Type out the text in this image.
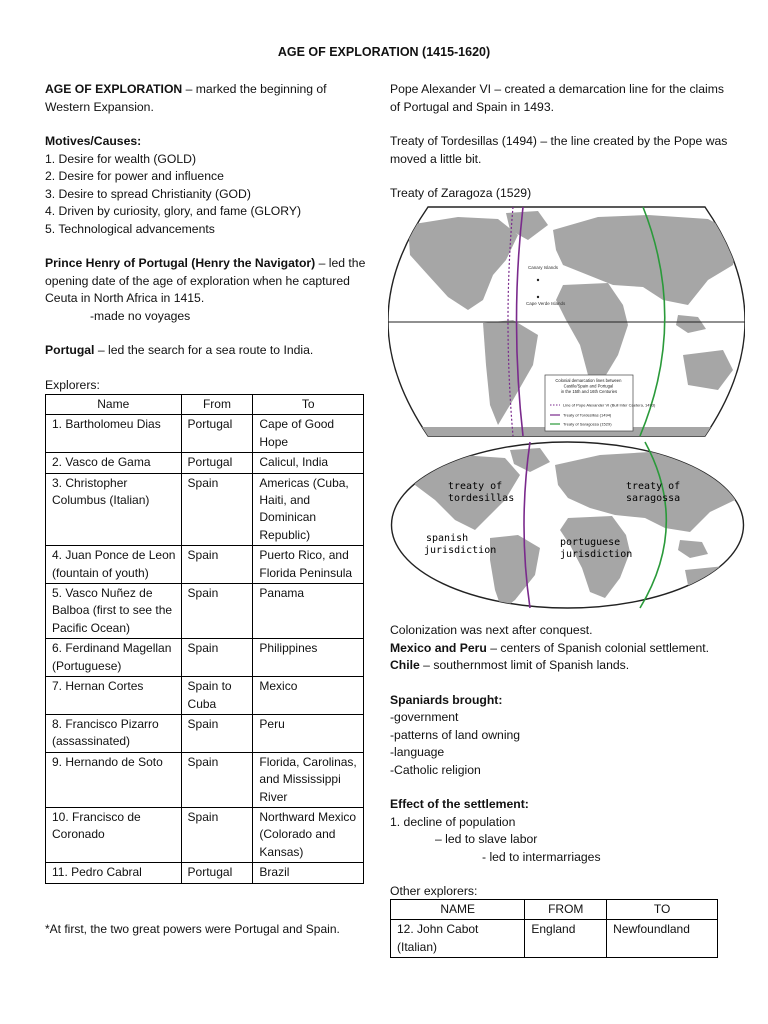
AGE OF EXPLORATION (1415-1620)

AGE OF EXPLORATION – marked the beginning of Western Expansion.

Motives/Causes:

1. Desire for wealth (GOLD)

2. Desire for power and influence

3. Desire to spread Christianity (GOD)

4. Driven by curiosity, glory, and fame (GLORY)

5. Technological advancements

Prince Henry of Portugal (Henry the Navigator) – led the opening date of the age of exploration when he captured Ceuta in North Africa in 1415.

-made no voyages

Portugal – led the search for a sea route to India.

Explorers:

Name	From	To
1. Bartholomeu Dias	Portugal	Cape of Good Hope
2. Vasco de Gama	Portugal	Calicul, India
3. Christopher Columbus (Italian)	Spain	Americas (Cuba, Haiti, and Dominican Republic)
4. Juan Ponce de Leon (fountain of youth)	Spain	Puerto Rico, and Florida Peninsula
5. Vasco Nuñez de Balboa (first to see the Pacific Ocean)	Spain	Panama
6. Ferdinand Magellan (Portuguese)	Spain	Philippines
7. Hernan Cortes	Spain to Cuba	Mexico
8. Francisco Pizarro (assassinated)	Spain	Peru
9. Hernando de Soto	Spain	Florida, Carolinas, and Mississippi River
10. Francisco de Coronado	Spain	Northward Mexico (Colorado and Kansas)
11. Pedro Cabral	Portugal	Brazil

*At first, the two great powers were Portugal and Spain.

Pope Alexander VI – created a demarcation line for the claims of Portugal and Spain in 1493.

Treaty of Tordesillas (1494) – the line created by the Pope was moved a little bit.

Treaty of Zaragoza (1529)

Canary Islands
Cape Verde Islands
Colonial demarcation lines between Castile/Spain and Portugal in the 15th and 16th Centuries
Line of Pope Alexander VI (Bull Inter Caetera, 1493)
Treaty of Tordesillas (1494)
Treaty of Saragossa (1529)
treaty of
tordesillas
treaty of
saragossa
spanish
jurisdiction
portuguese
jurisdiction

Colonization was next after conquest.

Mexico and Peru – centers of Spanish colonial settlement.

Chile – southernmost limit of Spanish lands.

Spaniards brought:

-government

-patterns of land owning

-language

-Catholic religion

Effect of the settlement:

1. decline of population

– led to slave labor

- led to intermarriages

Other explorers:

NAME	FROM	TO
12. John Cabot (Italian)	England	Newfoundland
